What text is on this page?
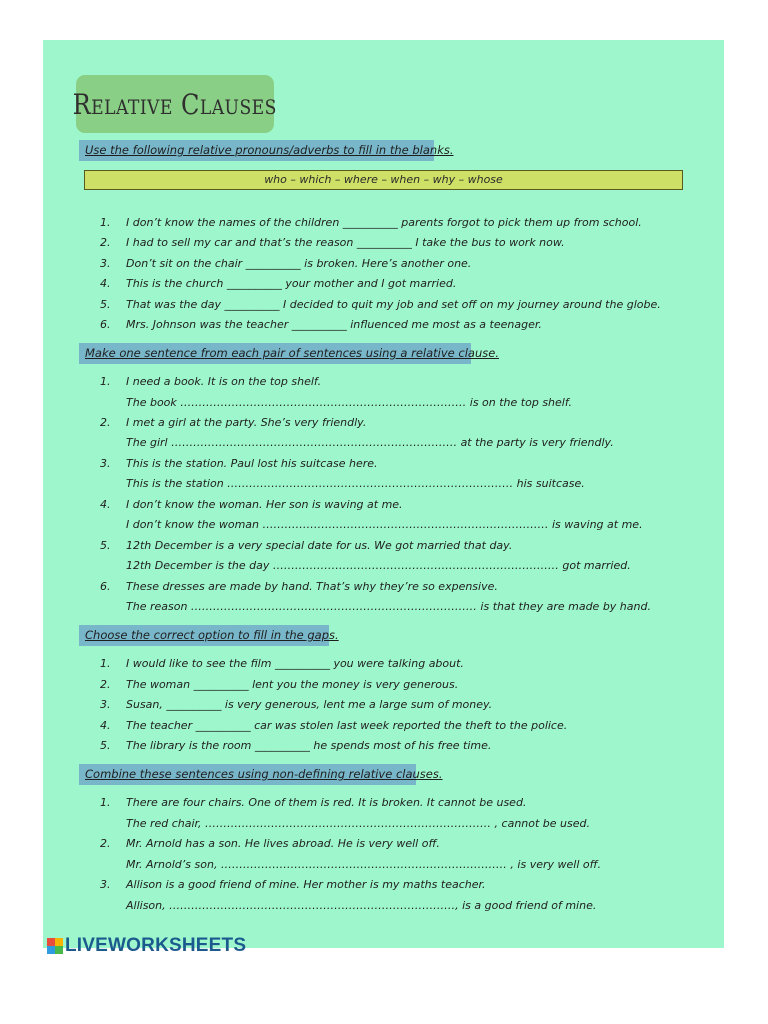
Relative Clauses
Use the following relative pronouns/adverbs to fill in the blanks.
who – which – where – when – why – whose
1. I don’t know the names of the children __________ parents forgot to pick them up from school.
2. I had to sell my car and that’s the reason __________ I take the bus to work now.
3. Don’t sit on the chair __________ is broken. Here’s another one.
4. This is the church __________ your mother and I got married.
5. That was the day __________ I decided to quit my job and set off on my journey around the globe.
6. Mrs. Johnson was the teacher __________ influenced me most as a teenager.
Make one sentence from each pair of sentences using a relative clause.
1. I need a book. It is on the top shelf.
The book …………………………………………………………………… is on the top shelf.
2. I met a girl at the party. She’s very friendly.
The girl …………………………………………………………………… at the party is very friendly.
3. This is the station. Paul lost his suitcase here.
This is the station …………………………………………………………………… his suitcase.
4. I don’t know the woman. Her son is waving at me.
I don’t know the woman …………………………………………………………………… is waving at me.
5. 12th December is a very special date for us. We got married that day.
12th December is the day …………………………………………………………………… got married.
6. These dresses are made by hand. That’s why they’re so expensive.
The reason …………………………………………………………………… is that they are made by hand.
Choose the correct option to fill in the gaps.
1. I would like to see the film __________ you were talking about.
2. The woman __________ lent you the money is very generous.
3. Susan, __________ is very generous, lent me a large sum of money.
4. The teacher __________ car was stolen last week reported the theft to the police.
5. The library is the room __________ he spends most of his free time.
Combine these sentences using non-defining relative clauses.
1. There are four chairs. One of them is red. It is broken. It cannot be used.
The red chair, …………………………………………………………………… , cannot be used.
2. Mr. Arnold has a son. He lives abroad. He is very well off.
Mr. Arnold’s son, …………………………………………………………………… , is very well off.
3. Allison is a good friend of mine. Her mother is my maths teacher.
Allison, ……………………………………………………………………, is a good friend of mine.
LIVEWORKSHEETS
